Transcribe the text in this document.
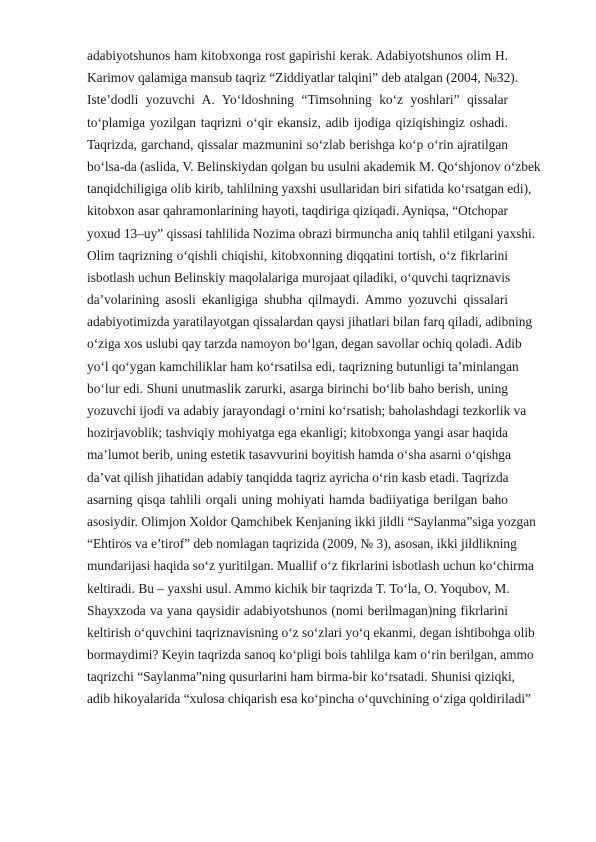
adabiyotshunos ham kitobxonga rost gapirishi kerak. Adabiyotshunos olim H.
Karimov qalamiga mansub taqriz “Ziddiyatlar talqini” deb atalgan (2004, №32).
Iste’dodli yozuvchi A. Yo‘ldoshning “Timsohning ko‘z yoshlari” qissalar
to‘plamiga yozilgan taqrizni o‘qir ekansiz, adib ijodiga qiziqishingiz oshadi.
Taqrizda, garchand, qissalar mazmunini so‘zlab berishga ko‘p o‘rin ajratilgan
bo‘lsa-da (aslida, V. Belinskiydan qolgan bu usulni akademik M. Qo‘shjonov o‘zbek
tanqidchiligiga olib kirib, tahlilning yaxshi usullaridan biri sifatida ko‘rsatgan edi),
kitobxon asar qahramonlarining hayoti, taqdiriga qiziqadi. Ayniqsa, “Otchopar
yoxud 13–uy” qissasi tahlilida Nozima obrazi birmuncha aniq tahlil etilgani yaxshi.
Olim taqrizning o‘qishli chiqishi, kitobxonning diqqatini tortish, o‘z fikrlarini
isbotlash uchun Belinskiy maqolalariga murojaat qiladiki, o‘quvchi taqriznavis
da’volarining asosli ekanligiga shubha qilmaydi. Ammo yozuvchi qissalari
adabiyotimizda yaratilayotgan qissalardan qaysi jihatlari bilan farq qiladi, adibning
o‘ziga xos uslubi qay tarzda namoyon bo‘lgan, degan savollar ochiq qoladi. Adib
yo‘l qo‘ygan kamchiliklar ham ko‘rsatilsa edi, taqrizning butunligi ta’minlangan
bo‘lur edi. Shuni unutmaslik zarurki, asarga birinchi bo‘lib baho berish, uning
yozuvchi ijodi va adabiy jarayondagi o‘rnini ko‘rsatish; baholashdagi tezkorlik va
hozirjavoblik; tashviqiy mohiyatga ega ekanligi; kitobxonga yangi asar haqida
ma’lumot berib, uning estetik tasavvurini boyitish hamda o‘sha asarni o‘qishga
da’vat qilish jihatidan adabiy tanqidda taqriz ayricha o‘rin kasb etadi. Taqrizda
asarning qisqa tahlili orqali uning mohiyati hamda badiiyatiga berilgan baho
asosiydir. Olimjon Xoldor Qamchibek Kenjaning ikki jildli “Saylanma”siga yozgan
“Ehtiros va e’tirof” deb nomlagan taqrizida (2009, № 3), asosan, ikki jildlikning
mundarijasi haqida so‘z yuritilgan. Muallif o‘z fikrlarini isbotlash uchun ko‘chirma
keltiradi. Bu – yaxshi usul. Ammo kichik bir taqrizda T. To‘la, O. Yoqubov, M.
Shayxzoda va yana qaysidir adabiyotshunos (nomi berilmagan)ning fikrlarini
keltirish o‘quvchini taqriznavisning o‘z so‘zlari yo‘q ekanmi, degan ishtibohga olib
bormaydimi? Keyin taqrizda sanoq ko‘pligi bois tahlilga kam o‘rin berilgan, ammo
taqrizchi “Saylanma”ning qusurlarini ham birma-bir ko‘rsatadi. Shunisi qiziqki,
adib hikoyalarida “xulosa chiqarish esa ko‘pincha o‘quvchining o‘ziga qoldiriladi”
